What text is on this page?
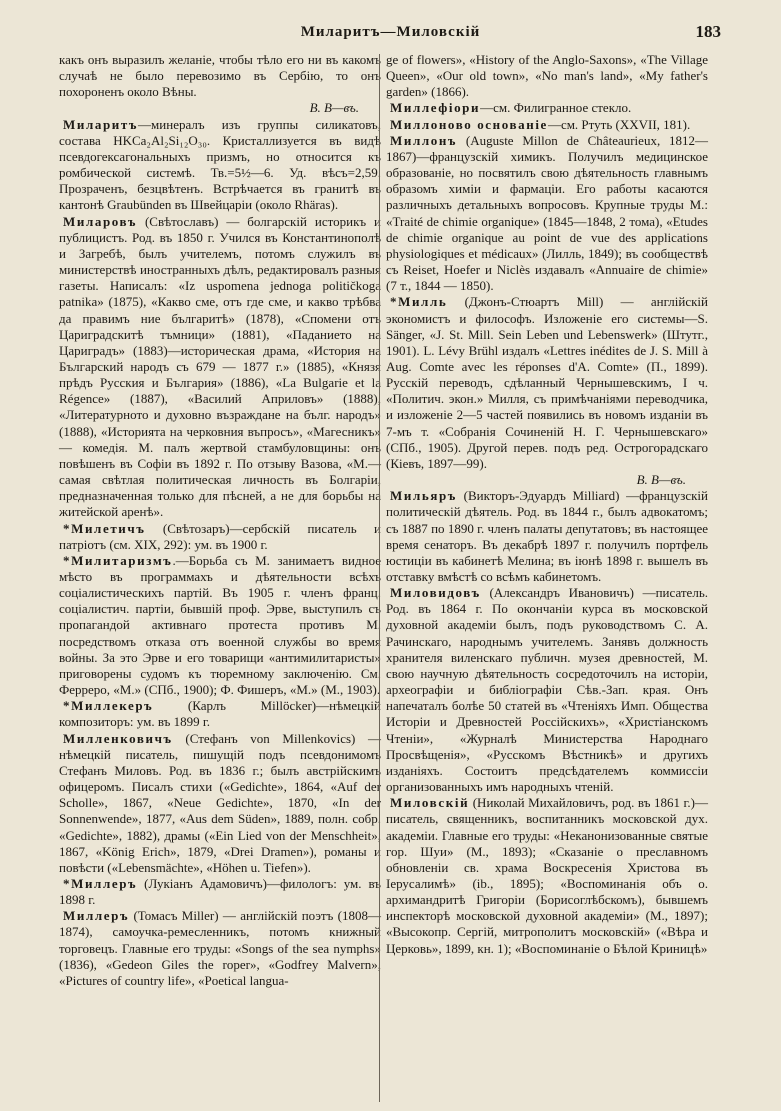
Миларитъ—Миловскій	183

какъ онъ выразилъ желаніе, чтобы тѣло его ни въ какомъ случаѣ не было перевозимо въ Сербію, то онъ похороненъ около Вѣны.

В. В—въ.

Миларитъ—минералъ изъ группы силикатовъ, состава HKCa₂Al₂Si₁₂O₃₀. Кристаллизуется въ видѣ псевдогексагональныхъ призмъ, но относится къ ромбической системѣ. Тв.=5½—6. Уд. вѣсъ=2,59. Прозраченъ, безцвѣтенъ. Встрѣчается въ гранитѣ въ кантонѣ Graubünden въ Швейцаріи (около Rhäras).

Миларовъ (Свѣтославъ) — болгарскій историкъ и публицистъ. Род. въ 1850 г. Учился въ Константинополѣ и Загребѣ, былъ учителемъ, потомъ служилъ въ министерствѣ иностранныхъ дѣлъ, редактировалъ разныя газеты. Написалъ: «Iz uspomena jednoga političkoga patnika» (1875), «Какво сме, отъ где сме, и какво трѣбва да правимъ ние българитѣ» (1878), «Спомени отъ Цариградскитѣ тъмници» (1881), «Паданието на Цариградъ» (1883)—историческая драма, «История на Българский народъ съ 679 — 1877 г.» (1885), «Князя прѣдъ Русския и България» (1886), «La Bulgarie et la Régence» (1887), «Василий Априловъ» (1888), «Литературното и духовно възраждане на бълг. народъ» (1888), «Историята на черковния въпросъ», «Магесникъ» — комедія. М. палъ жертвой стамбуловщины: онъ повѣшенъ въ Софіи въ 1892 г. По отзыву Вазова, «М.—самая свѣтлая политическая личность въ Болгаріи, предназначенная только для пѣсней, а не для борьбы на житейской аренѣ».

*Милетичъ (Свѣтозаръ)—сербскій писатель и патріотъ (см. XIX, 292): ум. въ 1900 г.

*Милитаризмъ.—Борьба съ М. занимаетъ видное мѣсто въ программахъ и дѣятельности всѣхъ соціалистическихъ партій. Въ 1905 г. членъ франц. соціалистич. партіи, бывшій проф. Эрве, выступилъ съ пропагандой активнаго протеста противъ М. посредствомъ отказа отъ военной службы во время войны. За это Эрве и его товарищи «антимилитаристы» приговорены судомъ къ тюремному заключенію. См. Ферреро, «М.» (СПб., 1900); Ф. Фишеръ, «М.» (М., 1903).

*Миллекеръ (Карлъ Millöcker)—нѣмецкій композиторъ: ум. въ 1899 г.

Милленковичъ (Стефанъ von Millenkovics) — нѣмецкій писатель, пишущій подъ псевдонимомъ Стефанъ Миловъ. Род. въ 1836 г.; былъ австрійскимъ офицеромъ. Писалъ стихи («Gedichte», 1864, «Auf der Scholle», 1867, «Neue Gedichte», 1870, «In der Sonnenwende», 1877, «Aus dem Süden», 1889, полн. собр. «Gedichte», 1882), драмы («Ein Lied von der Menschheit», 1867, «König Erich», 1879, «Drei Dramen»), романы и повѣсти («Lebensmächte», «Höhen u. Tiefen»).

*Миллеръ (Лукіанъ Адамовичъ)—филологъ: ум. въ 1898 г.

Миллеръ (Томасъ Miller) — англійскій поэтъ (1808—1874), самоучка-ремесленникъ, потомъ книжный торговецъ. Главные его труды: «Songs of the sea nymphs» (1836), «Gedeon Giles the roper», «Godfrey Malvern», «Pictures of country life», «Poetical langua-

ge of flowers», «History of the Anglo-Saxons», «The Village Queen», «Our old town», «No man's land», «My father's garden» (1866).

Миллефіори—см. Филигранное стекло.

Миллоново основаніе—см. Ртуть (XXVII, 181).

Миллонъ (Auguste Millon de Châteaurieux, 1812—1867)—французскій химикъ. Получилъ медицинское образованіе, но посвятилъ свою дѣятельность главнымъ образомъ химіи и фармаціи. Его работы касаются различныхъ детальныхъ вопросовъ. Крупные труды М.: «Traité de chimie organique» (1845—1848, 2 тома), «Etudes de chimie organique au point de vue des applications physiologiques et médicaux» (Лилль, 1849); въ сообществѣ съ Reiset, Hoefer и Niclès издавалъ «Annuaire de chimie» (7 т., 1844 — 1850).

*Милль (Джонъ-Стюартъ Mill) — англійскій экономистъ и философъ. Изложеніе его системы—S. Sänger, «J. St. Mill. Sein Leben und Lebenswerk» (Штутг., 1901). L. Lévy Brühl издалъ «Lettres inédites de J. S. Mill à Aug. Comte avec les réponses d'A. Comte» (П., 1899). Русскій переводъ, сдѣланный Чернышевскимъ, I ч. «Политич. экон.» Милля, съ примѣчаніями переводчика, и изложеніе 2—5 частей появились въ новомъ изданіи въ 7-мъ т. «Собранія Сочиненій Н. Г. Чернышевскаго» (СПб., 1905). Другой перев. подъ ред. Острогорадскаго (Кіевъ, 1897—99).

В. В—въ.

Мильяръ (Викторъ-Эдуардъ Milliard) —французскій политическій дѣятель. Род. въ 1844 г., былъ адвокатомъ; съ 1887 по 1890 г. членъ палаты депутатовъ; въ настоящее время сенаторъ. Въ декабрѣ 1897 г. получилъ портфель юстиціи въ кабинетѣ Мелина; въ іюнѣ 1898 г. вышелъ въ отставку вмѣстѣ со всѣмъ кабинетомъ.

Миловидовъ (Александръ Ивановичъ) —писатель. Род. въ 1864 г. По окончаніи курса въ московской духовной академіи былъ, подъ руководствомъ С. А. Рачинскаго, народнымъ учителемъ. Занявъ должность хранителя виленскаго публичн. музея древностей, М. свою научную дѣятельность сосредоточилъ на исторіи, археографіи и библіографіи Сѣв.-Зап. края. Онъ напечаталъ болѣе 50 статей въ «Чтеніяхъ Имп. Общества Исторіи и Древностей Россійскихъ», «Христіанскомъ Чтеніи», «Журналѣ Министерства Народнаго Просвѣщенія», «Русскомъ Вѣстникѣ» и другихъ изданіяхъ. Состоитъ предсѣдателемъ коммиссіи организованныхъ имъ народныхъ чтеній.

Миловскій (Николай Михайловичъ, род. въ 1861 г.)—писатель, священникъ, воспитанникъ московской дух. академіи. Главные его труды: «Неканонизованные святые гор. Шуи» (М., 1893); «Сказаніе о преславномъ обновленіи св. храма Воскресенія Христова въ Іерусалимѣ» (ib., 1895); «Воспоминанія объ о. архимандритѣ Григоріи (Борисоглѣбскомъ), бывшемъ инспекторѣ московской духовной академіи» (М., 1897); «Высокопр. Сергій, митрополитъ московскій» («Вѣра и Церковь», 1899, кн. 1); «Воспоминаніе о Бѣлой Криницѣ»
